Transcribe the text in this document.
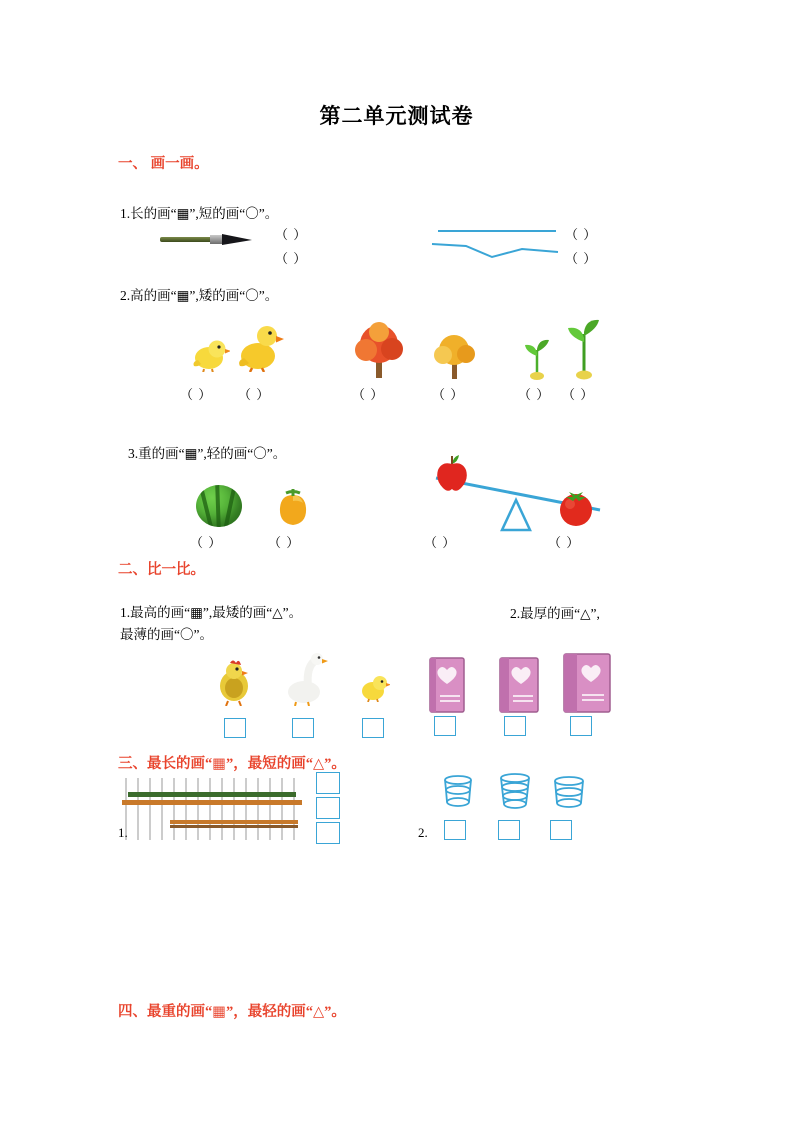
第二单元测试卷
一、 画一画。
1.长的画“▦”,短的画“〇”。
（ ）
（ ）
（ ）
（ ）
2.高的画“▦”,矮的画“〇”。
（ ） （ ）	（ ）	（ ）	（ ） （ ）
3.重的画“▦”,轻的画“〇”。
（ ）	（ ）	（ ）	（ ）
二、比一比。
1.最高的画“▦”,最矮的画“△”。
最薄的画“〇”。
2.最厚的画“△”,
三、最长的画“▦”，最短的画“△”。
1.	2.
四、最重的画“▦”，最轻的画“△”。
